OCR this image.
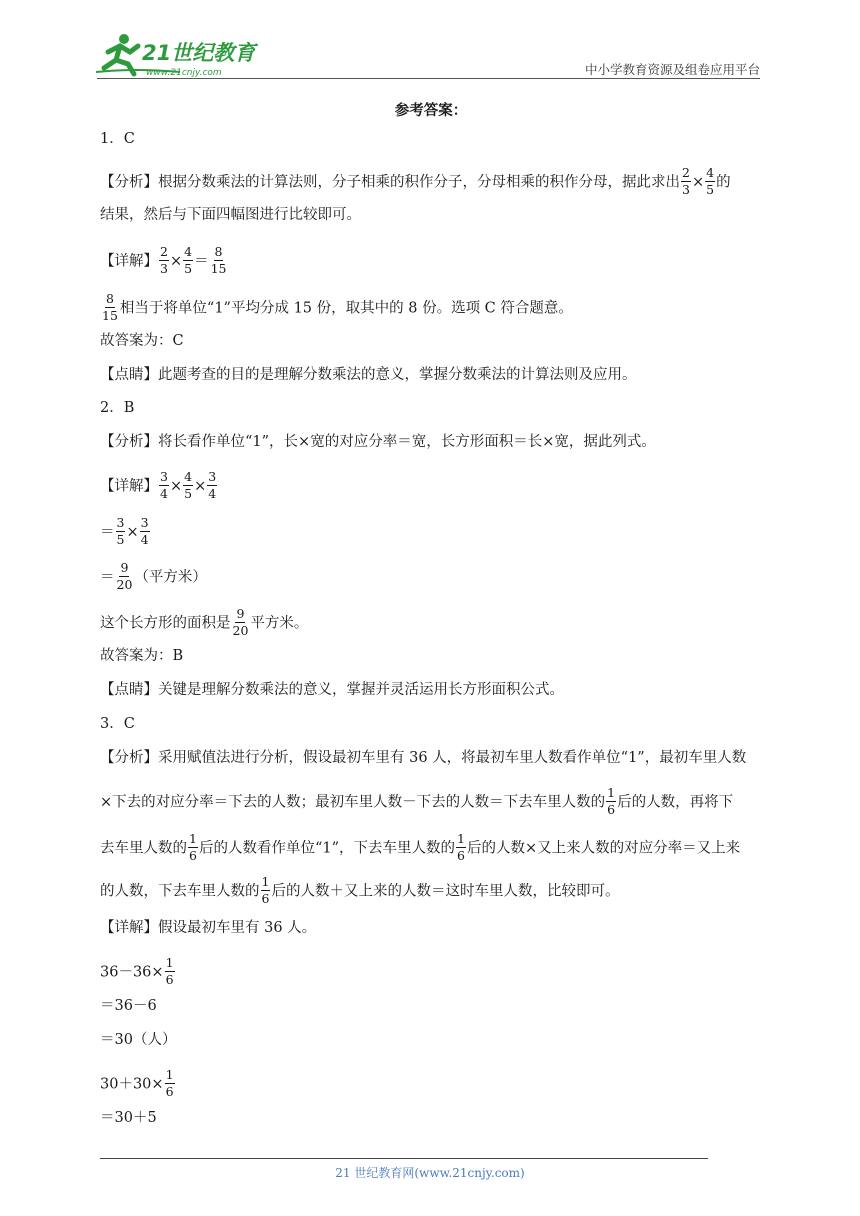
21世纪教育
www.21cnjy.com	中小学教育资源及组卷应用平台
参考答案：
1．C
【分析】根据分数乘法的计算法则，分子相乘的积作分子，分母相乘的积作分母，据此求出 $\frac{2}{3} \times \frac{4}{5}$ 的
结果，然后与下面四幅图进行比较即可。
【详解】 $\frac{2}{3} \times \frac{4}{5} = \frac{8}{15}$
$\frac{8}{15}$ 相当于将单位“1”平均分成 15 份，取其中的 8 份。选项 C 符合题意。
故答案为：C
【点睛】此题考查的目的是理解分数乘法的意义，掌握分数乘法的计算法则及应用。
2．B
【分析】将长看作单位“1”，长×宽的对应分率＝宽，长方形面积＝长×宽，据此列式。
【详解】 $\frac{3}{4} \times \frac{4}{5} \times \frac{3}{4}$
＝ $\frac{3}{5} \times \frac{3}{4}$
＝ $\frac{9}{20}$ （平方米）
这个长方形的面积是 $\frac{9}{20}$ 平方米。
故答案为：B
【点睛】关键是理解分数乘法的意义，掌握并灵活运用长方形面积公式。
3．C
【分析】采用赋值法进行分析，假设最初车里有 36 人，将最初车里人数看作单位“1”，最初车里人数
×下去的对应分率＝下去的人数；最初车里人数－下去的人数＝下去车里人数的 $\frac{1}{6}$ 后的人数，再将下
去车里人数的 $\frac{1}{6}$ 后的人数看作单位“1”，下去车里人数的 $\frac{1}{6}$ 后的人数×又上来人数的对应分率＝又上来
的人数，下去车里人数的 $\frac{1}{6}$ 后的人数＋又上来的人数＝这时车里人数，比较即可。
【详解】假设最初车里有 36 人。
$36-36\times \frac{1}{6}$
＝36－6
＝30（人）
$30+30\times \frac{1}{6}$
＝30＋5
21 世纪教育网(www.21cnjy.com)
